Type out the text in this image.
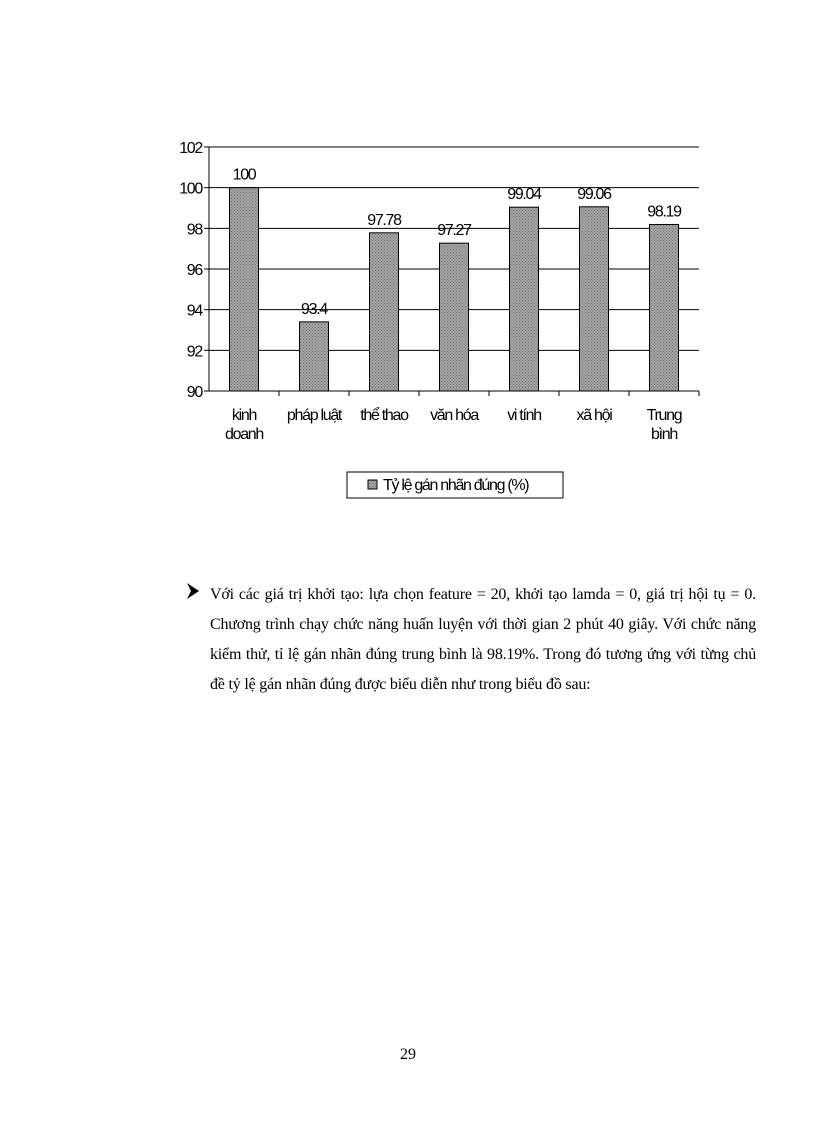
90
92
94
96
98
100
102
100
kinh doanh
93.4
pháp luật
97.78
thể thao
97.27
văn hóa
99.04
vi tính
99.06
xã hội
98.19
Trung bình
Tỷ lệ gán nhãn đúng (%)
Với các giá trị khởi tạo: lựa chọn feature = 20, khởi tạo lamda = 0, giá trị hội tụ = 0. Chương trình chạy chức năng huấn luyện với thời gian 2 phút 40 giây. Với chức năng kiểm thử, tỉ lệ gán nhãn đúng trung bình là 98.19%. Trong đó tương ứng với từng chủ đề tỷ lệ gán nhãn đúng được biểu diễn như trong biểu đồ sau:
29
